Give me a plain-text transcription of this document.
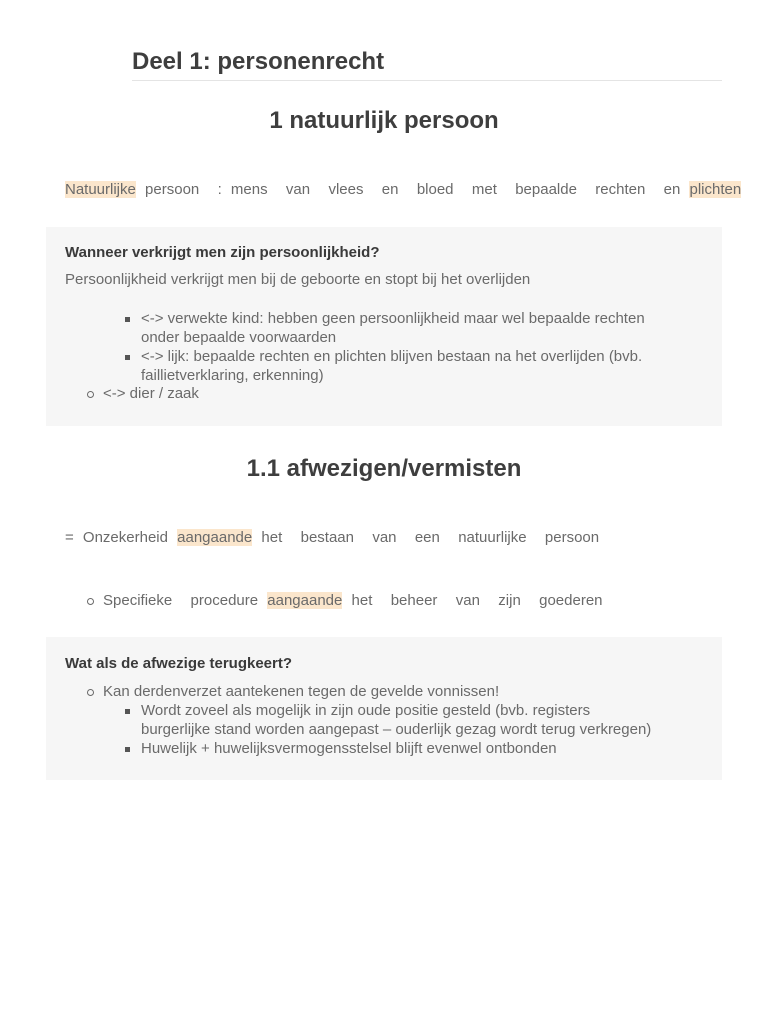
Deel 1: personenrecht
1 natuurlijk persoon
Natuurlijke persoon  : mens  van  vlees  en  bloed  met  bepaalde  rechten  en plichten
Wanneer verkrijgt men zijn persoonlijkheid?
Persoonlijkheid verkrijgt men bij de geboorte en stopt bij het overlijden
<-> verwekte kind: hebben geen persoonlijkheid maar wel bepaalde rechten onder bepaalde voorwaarden
<-> lijk: bepaalde rechten en plichten blijven bestaan na het overlijden (bvb. faillietverklaring, erkenning)
<-> dier / zaak
1.1 afwezigen/vermisten
= Onzekerheid aangaande het  bestaan  van  een  natuurlijke  persoon
Specifieke  procedure aangaande het  beheer  van  zijn  goederen
Wat als de afwezige terugkeert?
Kan derdenverzet aantekenen tegen de gevelde vonnissen!
Wordt zoveel als mogelijk in zijn oude positie gesteld (bvb. registers burgerlijke stand worden aangepast – ouderlijk gezag wordt terug verkregen)
Huwelijk + huwelijksvermogensstelsel blijft evenwel ontbonden
